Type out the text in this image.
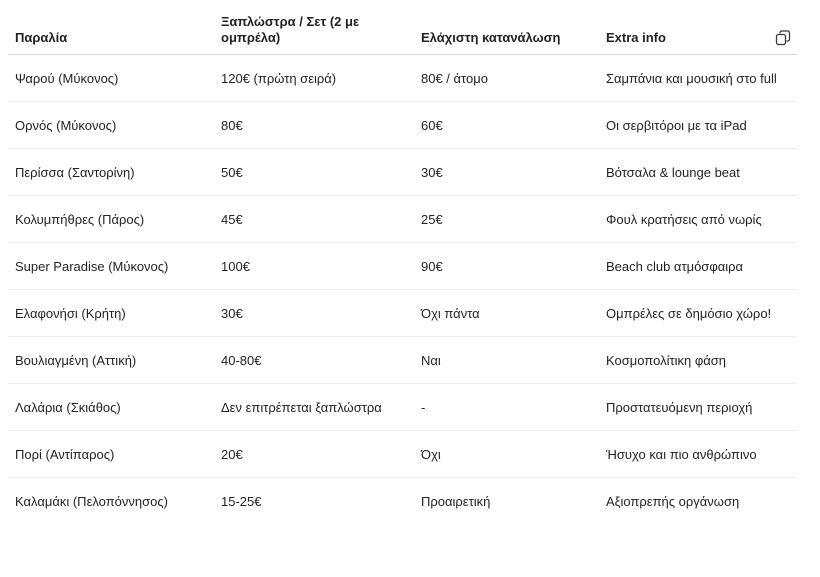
Παραλία	Ξαπλώστρα / Σετ (2 με ομπρέλα)	Ελάχιστη κατανάλωση	Extra info

Ψαρού (Μύκονος)	120€ (πρώτη σειρά)	80€ / άτομο	Σαμπάνια και μουσική στο full
Ορνός (Μύκονος)	80€	60€	Οι σερβιτόροι με τα iPad
Περίσσα (Σαντορίνη)	50€	30€	Βότσαλα & lounge beat
Κολυμπήθρες (Πάρος)	45€	25€	Φουλ κρατήσεις από νωρίς
Super Paradise (Μύκονος)	100€	90€	Beach club ατμόσφαιρα
Ελαφονήσι (Κρήτη)	30€	Όχι πάντα	Ομπρέλες σε δημόσιο χώρο!
Βουλιαγμένη (Αττική)	40-80€	Ναι	Κοσμοπολίτικη φάση
Λαλάρια (Σκιάθος)	Δεν επιτρέπεται ξαπλώστρα	-	Προστατευόμενη περιοχή
Πορί (Αντίπαρος)	20€	Όχι	Ήσυχο και πιο ανθρώπινο
Καλαμάκι (Πελοπόννησος)	15-25€	Προαιρετική	Αξιοπρεπής οργάνωση
